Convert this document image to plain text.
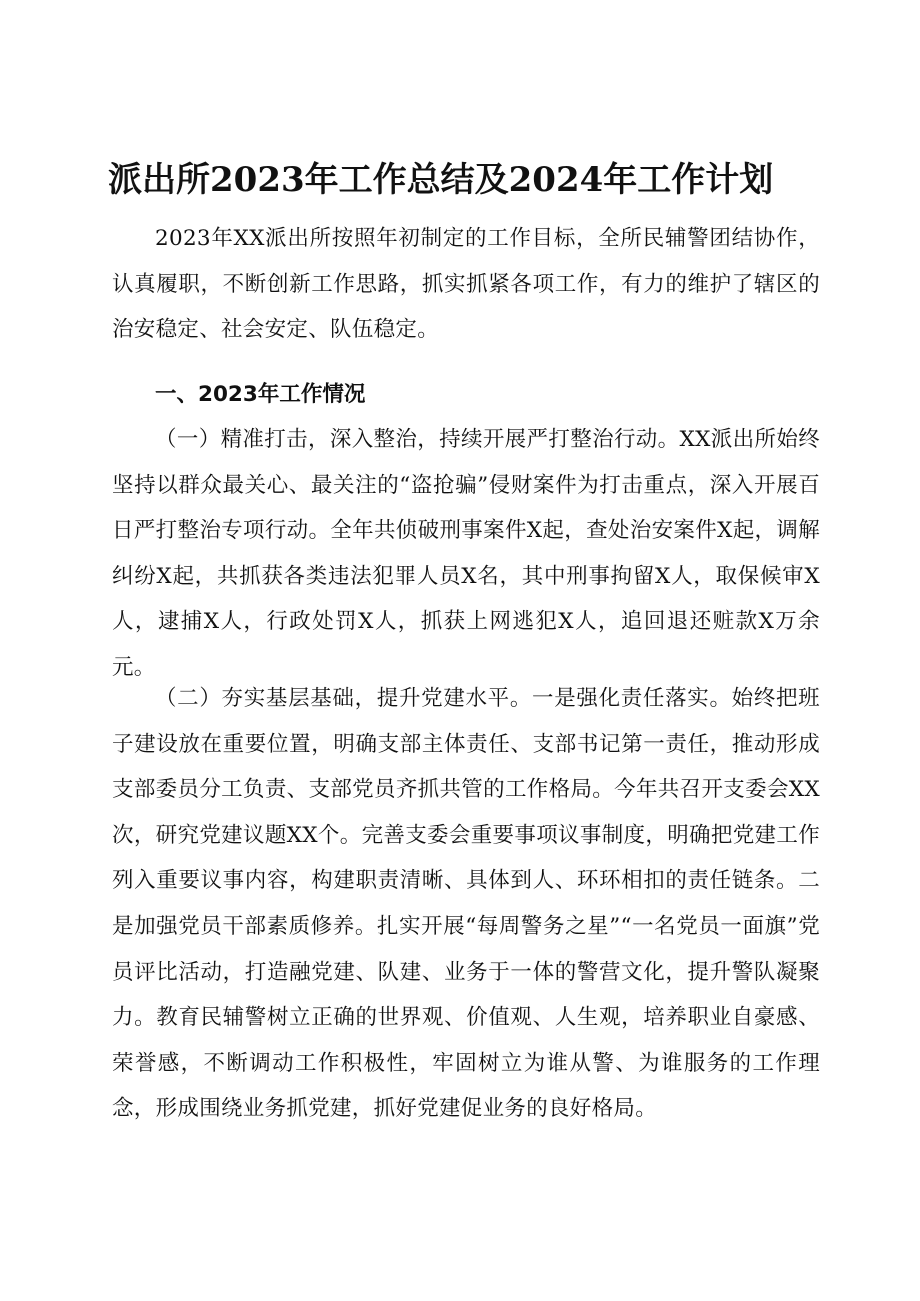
派出所2023年工作总结及2024年工作计划

2023年XX派出所按照年初制定的工作目标，全所民辅警团结协作，认真履职，不断创新工作思路，抓实抓紧各项工作，有力的维护了辖区的治安稳定、社会安定、队伍稳定。

一、2023年工作情况

（一）精准打击，深入整治，持续开展严打整治行动。XX派出所始终坚持以群众最关心、最关注的“盗抢骗”侵财案件为打击重点，深入开展百日严打整治专项行动。全年共侦破刑事案件X起，查处治安案件X起，调解纠纷X起，共抓获各类违法犯罪人员X名，其中刑事拘留X人，取保候审X人，逮捕X人，行政处罚X人，抓获上网逃犯X人，追回退还赃款X万余元。

（二）夯实基层基础，提升党建水平。一是强化责任落实。始终把班子建设放在重要位置，明确支部主体责任、支部书记第一责任，推动形成支部委员分工负责、支部党员齐抓共管的工作格局。今年共召开支委会XX次，研究党建议题XX个。完善支委会重要事项议事制度，明确把党建工作列入重要议事内容，构建职责清晰、具体到人、环环相扣的责任链条。二是加强党员干部素质修养。扎实开展“每周警务之星”“一名党员一面旗”党员评比活动，打造融党建、队建、业务于一体的警营文化，提升警队凝聚力。教育民辅警树立正确的世界观、价值观、人生观，培养职业自豪感、荣誉感，不断调动工作积极性，牢固树立为谁从警、为谁服务的工作理念，形成围绕业务抓党建，抓好党建促业务的良好格局。
